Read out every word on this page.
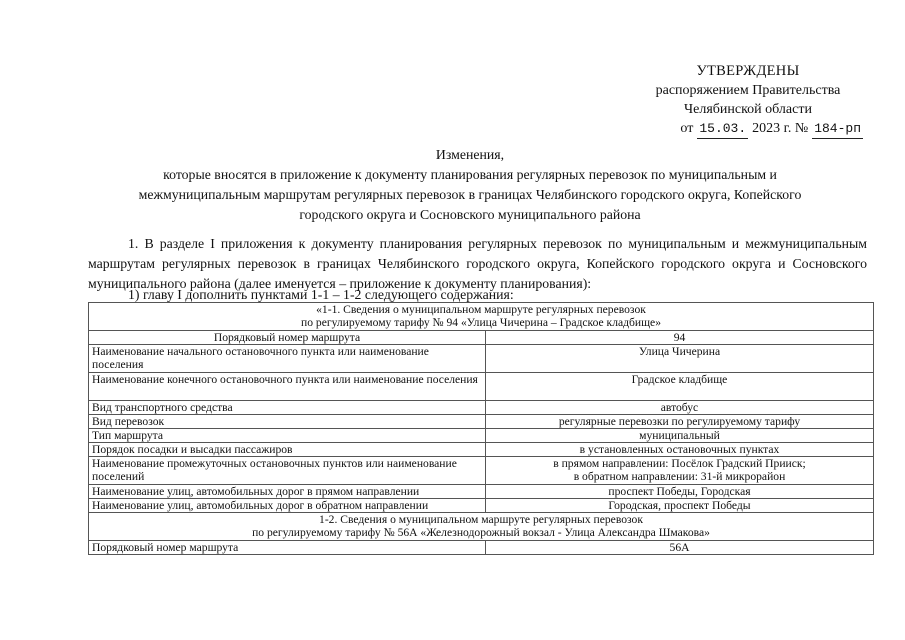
УТВЕРЖДЕНЫ
распоряжением Правительства
Челябинской области
от 15.03. 2023 г. № 184-рп
Изменения,
которые вносятся в приложение к документу планирования регулярных перевозок по муниципальным и
межмуниципальным маршрутам регулярных перевозок в границах Челябинского городского округа, Копейского
городского округа и Сосновского муниципального района
1. В разделе I приложения к документу планирования регулярных перевозок по муниципальным и межмуниципальным маршрутам регулярных перевозок в границах Челябинского городского округа, Копейского городского округа и Сосновского муниципального района (далее именуется – приложение к документу планирования):
1) главу I дополнить пунктами 1-1 – 1-2 следующего содержания:
«1-1. Сведения о муниципальном маршруте регулярных перевозок
по регулируемому тарифу № 94 «Улица Чичерина – Градское кладбище»	

Порядковый номер маршрута	94
Наименование начального остановочного пункта или наименование поселения	Улица Чичерина
Наименование конечного остановочного пункта или наименование поселения	Градское кладбище
Вид транспортного средства	автобус
Вид перевозок	регулярные перевозки по регулируемому тарифу
Тип маршрута	муниципальный
Порядок посадки и высадки пассажиров	в установленных остановочных пунктах
Наименование промежуточных остановочных пунктов или наименование поселений	в прямом направлении: Посёлок Градский Прииск;
в обратном направлении: 31-й микрорайон

Наименование улиц, автомобильных дорог в прямом направлении	проспект Победы, Городская
Наименование улиц, автомобильных дорог в обратном направлении	Городская, проспект Победы

1-2. Сведения о муниципальном маршруте регулярных перевозок
по регулируемому тарифу № 56А «Железнодорожный вокзал - Улица Александра Шмакова»	

Порядковый номер маршрута	56А
